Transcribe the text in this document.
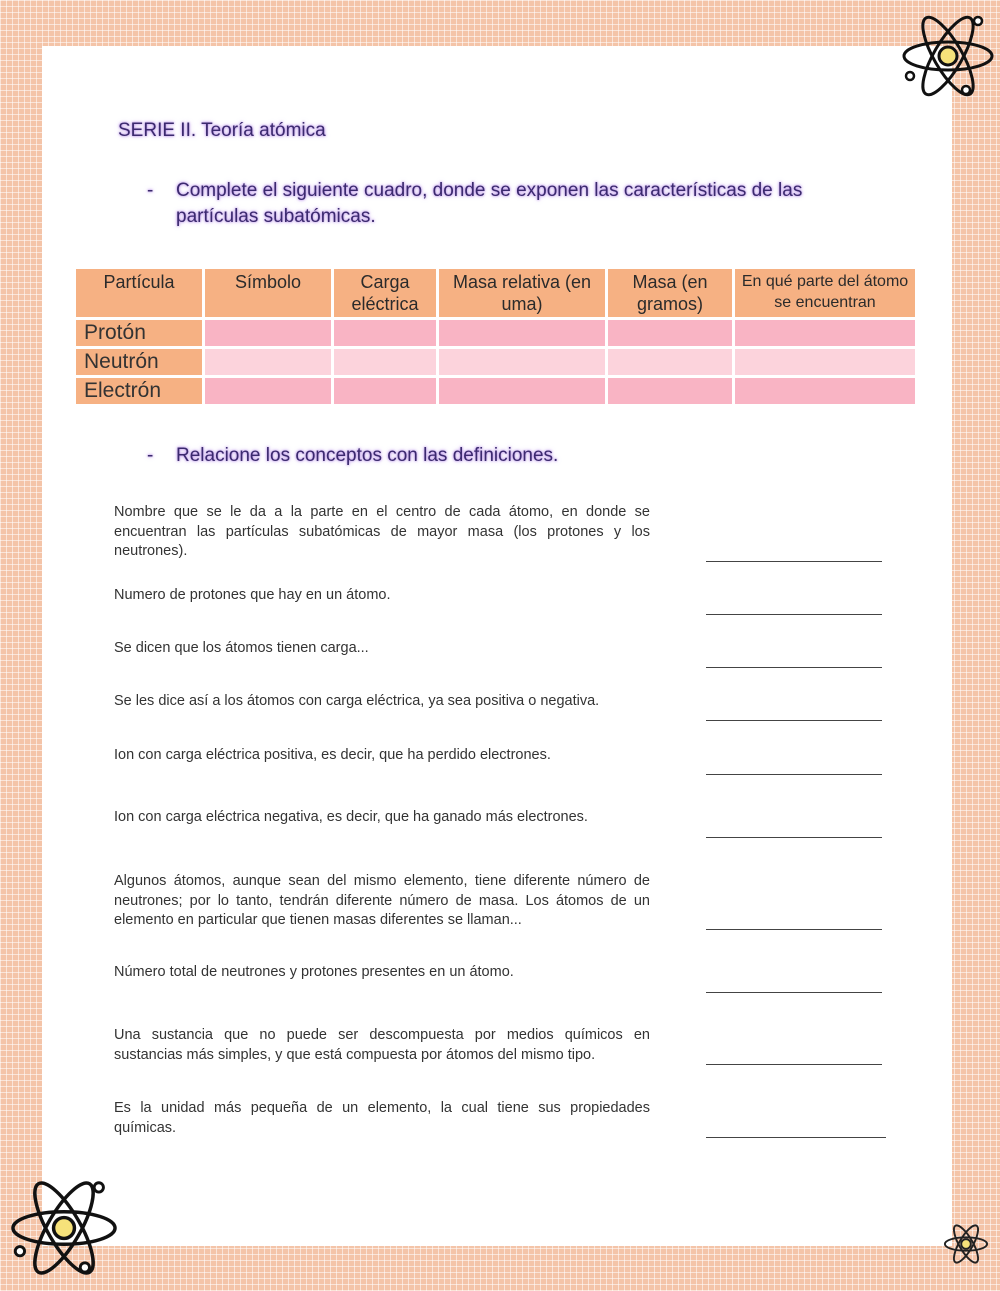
SERIE II. Teoría atómica
- Complete el siguiente cuadro, donde se exponen las características de las partículas subatómicas.
Partícula	Símbolo	Carga eléctrica	Masa relativa (en uma)	Masa (en gramos)	En qué parte del átomo se encuentran
Protón					
Neutrón					
Electrón					
- Relacione los conceptos con las definiciones.
Nombre que se le da a la parte en el centro de cada átomo, en donde se encuentran las partículas subatómicas de mayor masa (los protones y los neutrones).
Numero de protones que hay en un átomo.
Se dicen que los átomos tienen carga...
Se les dice así a los átomos con carga eléctrica, ya sea positiva o negativa.
Ion con carga eléctrica positiva, es decir, que ha perdido electrones.
Ion con carga eléctrica negativa, es decir, que ha ganado más electrones.
Algunos átomos, aunque sean del mismo elemento, tiene diferente número de neutrones; por lo tanto, tendrán diferente número de masa. Los átomos de un elemento en particular que tienen masas diferentes se llaman...
Número total de neutrones y protones presentes en un átomo.
Una sustancia que no puede ser descompuesta por medios químicos en sustancias más simples, y que está compuesta por átomos del mismo tipo.
Es la unidad más pequeña de un elemento, la cual tiene sus propiedades químicas.
